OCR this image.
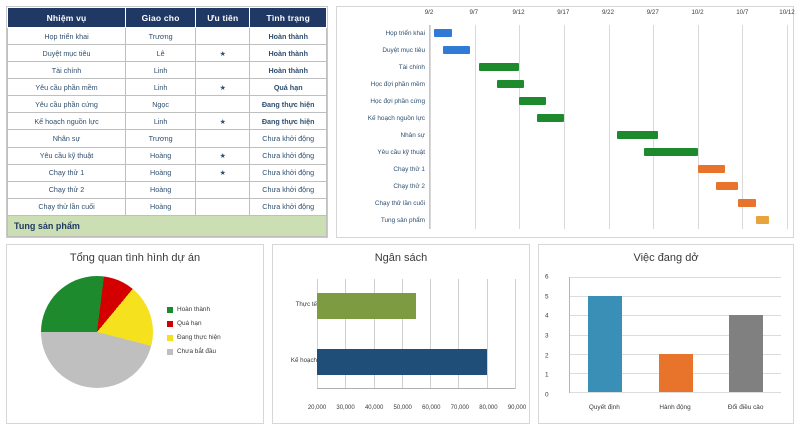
Nhiệm vụ	Giao cho	Ưu tiên	Tình trạng
Họp triển khai	Trương		Hoàn thành
Duyệt mục tiêu	Lê	★	Hoàn thành
Tài chính	Linh		Hoàn thành
Yêu cầu phần mềm	Linh	★	Quá hạn
Yêu cầu phần cứng	Ngọc		Đang thực hiện
Kế hoạch nguồn lực	Linh	★	Đang thực hiện
Nhân sự	Trương		Chưa khởi động
Yêu cầu kỹ thuật	Hoàng	★	Chưa khởi động
Chạy thử 1	Hoàng	★	Chưa khởi động
Chạy thử 2	Hoàng		Chưa khởi động
Chạy thử lần cuối	Hoàng		Chưa khởi động
Tung sản phẩm			
9/2	9/7	9/12	9/17	9/22	9/27	10/2	10/7	10/12
Họp triển khai
Duyệt mục tiêu
Tài chính
Học đợi phần mềm
Học đợi phần cứng
Kế hoạch nguồn lực
Nhân sự
Yêu cầu kỹ thuật
Chạy thử 1
Chạy thử 2
Chạy thử lần cuối
Tung sản phẩm
Tổng quan tình hình dự án
Hoàn thành
Quá hạn
Đang thực hiện
Chưa bắt đầu
Ngân sách
Thực tế
Kế hoạch
20,000 30,000 40,000 50,000 60,000 70,000 80,000 90,000
Việc đang dở
0
1
2
3
4
5
6
Quyết định	Hành động	Đổi điều cảo
